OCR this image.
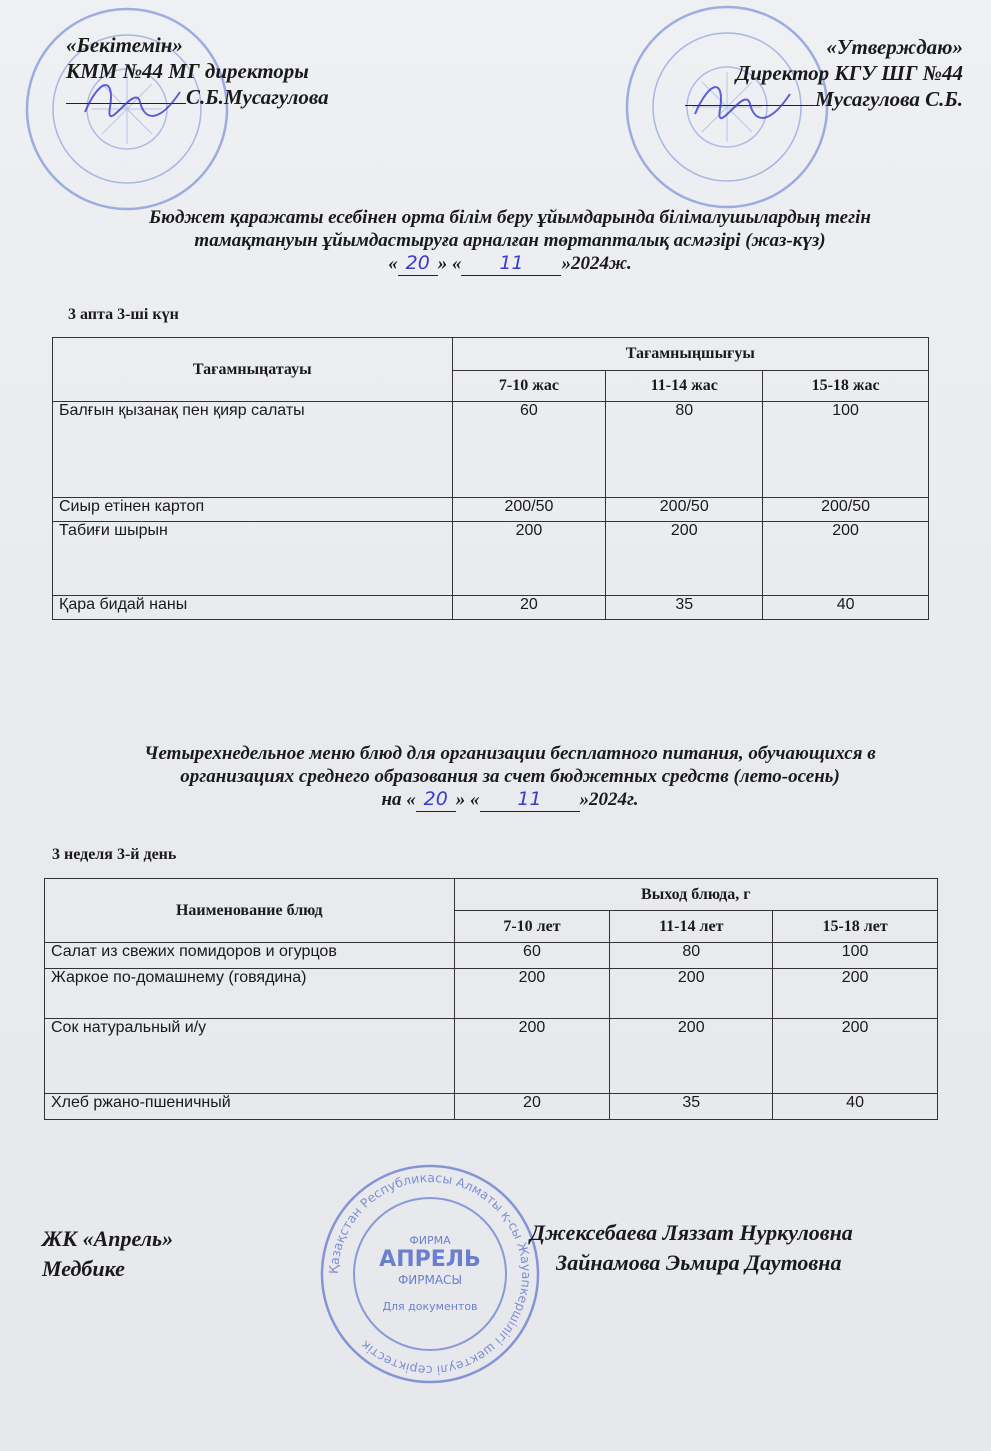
«Бекітемін»
КММ №44 МГ директоры
С.Б.Мусагулова
«Утверждаю»
Директор КГУ ШГ №44
Мусагулова С.Б.
Бюджет қаражаты есебінен орта білім беру ұйымдарында білімалушылардың тегін
тамақтануын ұйымдастыруға арналған төртапталық асмәзірі (жаз-күз)
« 20 » « 11 »2024ж.
3 апта 3-ші күн
Тағамныңатауы	Тағамныңшығуы		
	7-10 жас	11-14 жас	15-18 жас
Балғын қызанақ пен қияр салаты	60	80	100
Сиыр етінен картоп	200/50	200/50	200/50
Табиғи шырын	200	200	200
Қара бидай наны	20	35	40
Четырехнедельное меню блюд для организации бесплатного питания, обучающихся в
организациях среднего образования за счет бюджетных средств (лето-осень)
на « 20 » « 11 »2024г.
3 неделя 3-й день
Наименование блюд	Выход блюда, г		
	7-10 лет	11-14 лет	15-18 лет
Салат из свежих помидоров и огурцов	60	80	100
Жаркое по-домашнему (говядина)	200	200	200
Сок натуральный и/у	200	200	200
Хлеб ржано-пшеничный	20	35	40
Қазақстан Республикасы Алматы қ-сы Жауапкершілігі шектеулі серіктестік
ФИРМА
АПРЕЛЬ
ФИРМАСЫ
Для документов
ЖК «Апрель»
Медбике
Джексебаева Ляззат Нуркуловна
Зайнамова Эьмира Даутовна
